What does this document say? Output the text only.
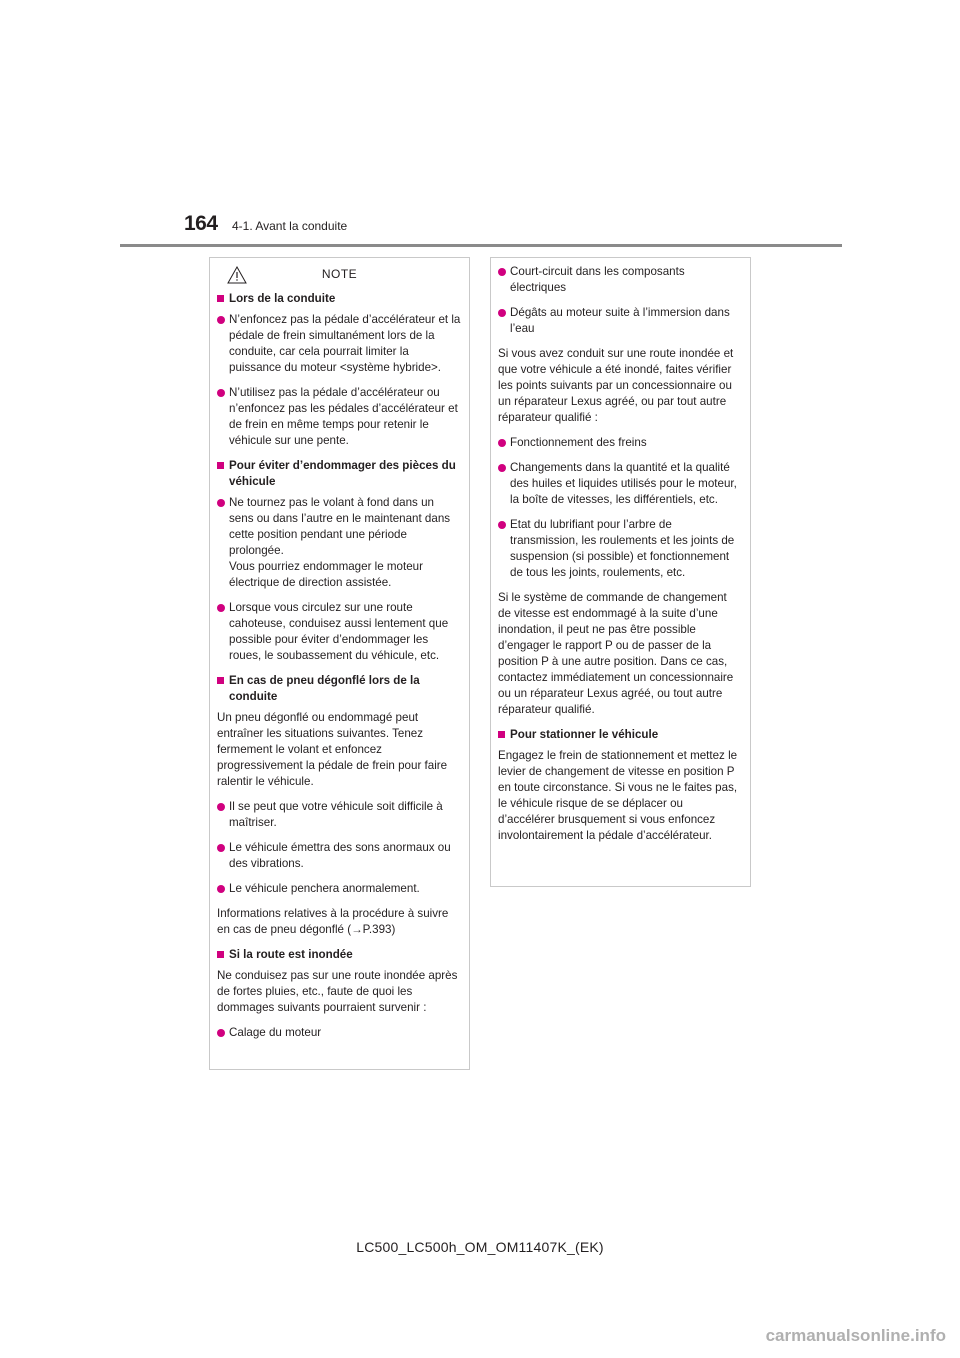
164 4-1. Avant la conduite
NOTE
Lors de la conduite
N’enfoncez pas la pédale d’accélérateur et la pédale de frein simultanément lors de la conduite, car cela pourrait limiter la puissance du moteur <système hybride>.
N’utilisez pas la pédale d’accélérateur ou n’enfoncez pas les pédales d’accélérateur et de frein en même temps pour retenir le véhicule sur une pente.
Pour éviter d’endommager des pièces du véhicule
Ne tournez pas le volant à fond dans un sens ou dans l’autre en le maintenant dans cette position pendant une période prolongée.
Vous pourriez endommager le moteur électrique de direction assistée.
Lorsque vous circulez sur une route cahoteuse, conduisez aussi lentement que possible pour éviter d’endommager les roues, le soubassement du véhicule, etc.
En cas de pneu dégonflé lors de la conduite
Un pneu dégonflé ou endommagé peut entraîner les situations suivantes. Tenez fermement le volant et enfoncez progressivement la pédale de frein pour faire ralentir le véhicule.
Il se peut que votre véhicule soit difficile à maîtriser.
Le véhicule émettra des sons anormaux ou des vibrations.
Le véhicule penchera anormalement.
Informations relatives à la procédure à suivre en cas de pneu dégonflé (→P.393)
Si la route est inondée
Ne conduisez pas sur une route inondée après de fortes pluies, etc., faute de quoi les dommages suivants pourraient survenir :
Calage du moteur
Court-circuit dans les composants électriques
Dégâts au moteur suite à l’immersion dans l’eau
Si vous avez conduit sur une route inondée et que votre véhicule a été inondé, faites vérifier les points suivants par un concessionnaire ou un réparateur Lexus agréé, ou par tout autre réparateur qualifié :
Fonctionnement des freins
Changements dans la quantité et la qualité des huiles et liquides utilisés pour le moteur, la boîte de vitesses, les différentiels, etc.
Etat du lubrifiant pour l’arbre de transmission, les roulements et les joints de suspension (si possible) et fonctionnement de tous les joints, roulements, etc.
Si le système de commande de changement de vitesse est endommagé à la suite d’une inondation, il peut ne pas être possible d’engager le rapport P ou de passer de la position P à une autre position. Dans ce cas, contactez immédiatement un concessionnaire ou un réparateur Lexus agréé, ou tout autre réparateur qualifié.
Pour stationner le véhicule
Engagez le frein de stationnement et mettez le levier de changement de vitesse en position P en toute circonstance. Si vous ne le faites pas, le véhicule risque de se déplacer ou d’accélérer brusquement si vous enfoncez involontairement la pédale d’accélérateur.
LC500_LC500h_OM_OM11407K_(EK)
carmanualsonline.info
